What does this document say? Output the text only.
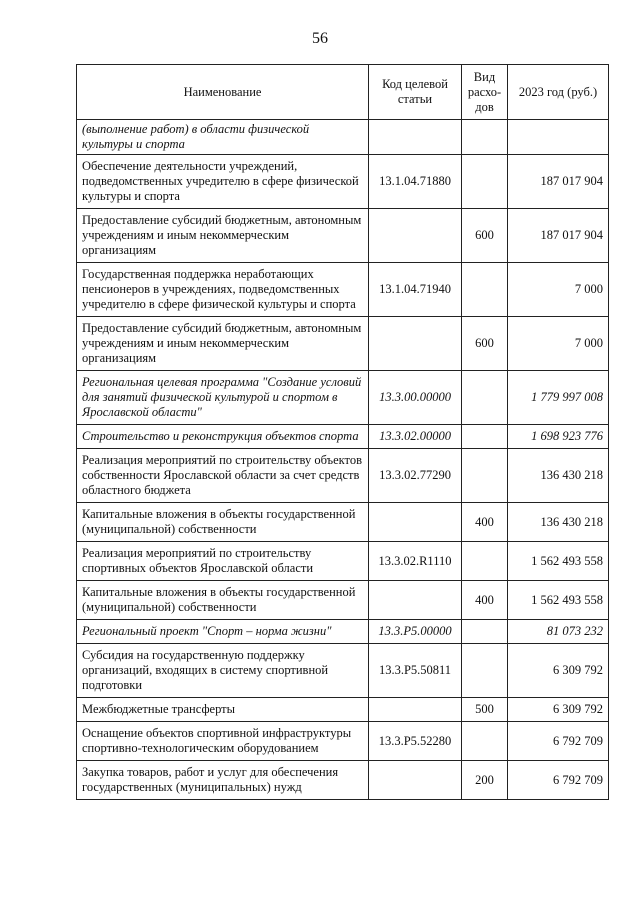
56
Наименование	Код целевой статьи	Вид расхо-дов	2023 год (руб.)
(выполнение работ) в области физической культуры и спорта			
Обеспечение деятельности учреждений, подведомственных учредителю в сфере физической культуры и спорта	13.1.04.71880		187 017 904
Предоставление субсидий бюджетным, автономным учреждениям и иным некоммерческим организациям		600	187 017 904
Государственная поддержка неработающих пенсионеров в учреждениях, подведомственных учредителю в сфере физической культуры и спорта	13.1.04.71940		7 000
Предоставление субсидий бюджетным, автономным учреждениям и иным некоммерческим организациям		600	7 000
Региональная целевая программа "Создание условий для занятий физической культурой и спортом в Ярославской области"	13.3.00.00000		1 779 997 008
Строительство и реконструкция объектов спорта	13.3.02.00000		1 698 923 776
Реализация мероприятий по строительству объектов собственности Ярославской области за счет средств областного бюджета	13.3.02.77290		136 430 218
Капитальные вложения в объекты государственной (муниципальной) собственности		400	136 430 218
Реализация мероприятий по строительству спортивных объектов Ярославской области	13.3.02.R1110		1 562 493 558
Капитальные вложения в объекты государственной (муниципальной) собственности		400	1 562 493 558
Региональный проект "Спорт – норма жизни"	13.3.P5.00000		81 073 232
Субсидия на государственную поддержку организаций, входящих в систему спортивной подготовки	13.3.P5.50811		6 309 792
Межбюджетные трансферты		500	6 309 792
Оснащение объектов спортивной инфраструктуры спортивно-технологическим оборудованием	13.3.P5.52280		6 792 709
Закупка товаров, работ и услуг для обеспечения государственных (муниципальных) нужд		200	6 792 709
